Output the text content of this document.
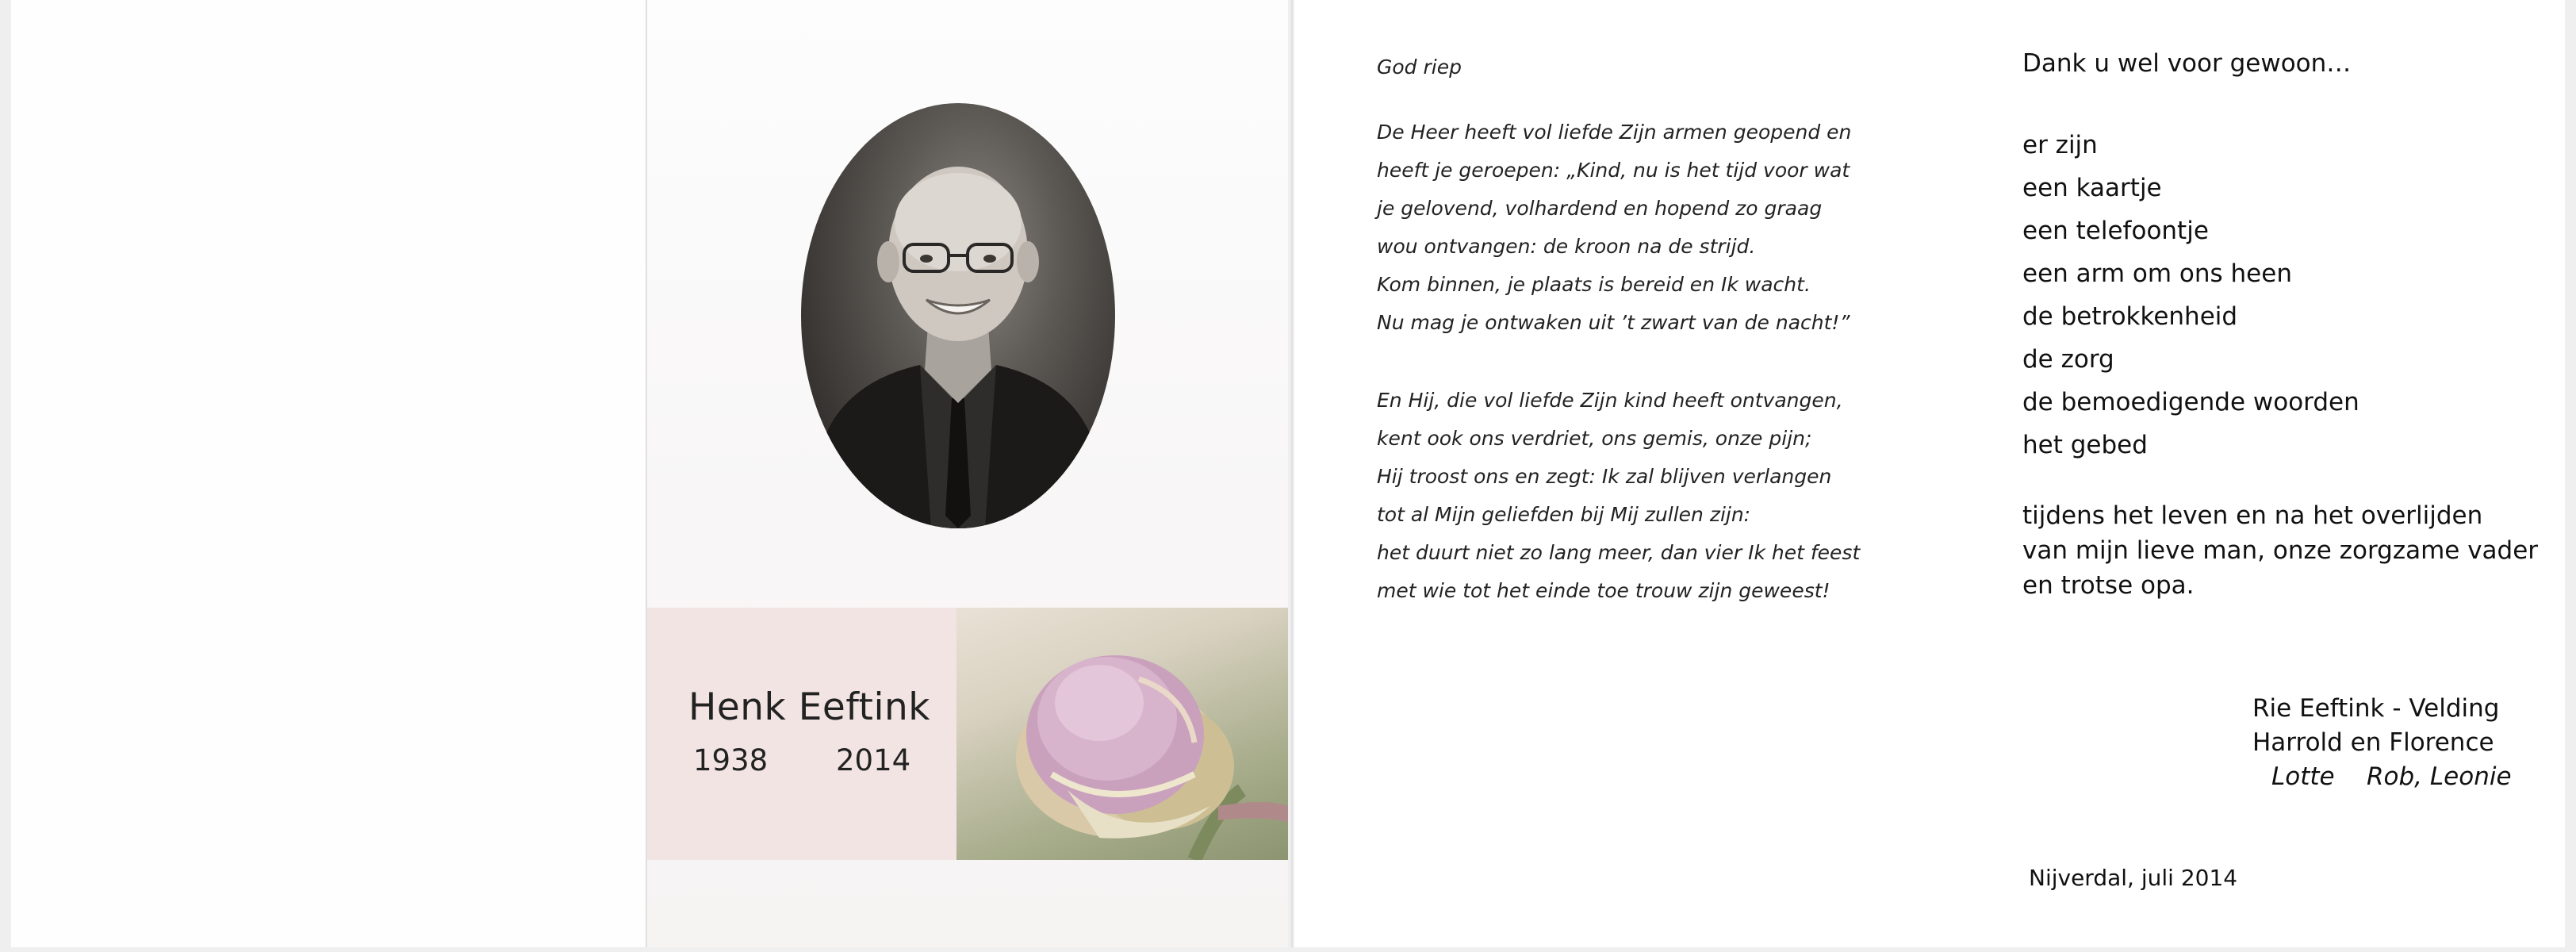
Henk Eeftink
1938 2014
God riep
De Heer heeft vol liefde Zijn armen geopend en
heeft je geroepen: „Kind, nu is het tijd voor wat
je gelovend, volhardend en hopend zo graag
wou ontvangen: de kroon na de strijd.
Kom binnen, je plaats is bereid en Ik wacht.
Nu mag je ontwaken uit ’t zwart van de nacht!”
En Hij, die vol liefde Zijn kind heeft ontvangen,
kent ook ons verdriet, ons gemis, onze pijn;
Hij troost ons en zegt: Ik zal blijven verlangen
tot al Mijn geliefden bij Mij zullen zijn:
het duurt niet zo lang meer, dan vier Ik het feest
met wie tot het einde toe trouw zijn geweest!
Dank u wel voor gewoon…
er zijn
een kaartje
een telefoontje
een arm om ons heen
de betrokkenheid
de zorg
de bemoedigende woorden
het gebed
tijdens het leven en na het overlijden
van mijn lieve man, onze zorgzame vader
en trotse opa.
Rie Eeftink - Velding
Harrold en Florence
Lotte Rob, Leonie
Nijverdal, juli 2014
